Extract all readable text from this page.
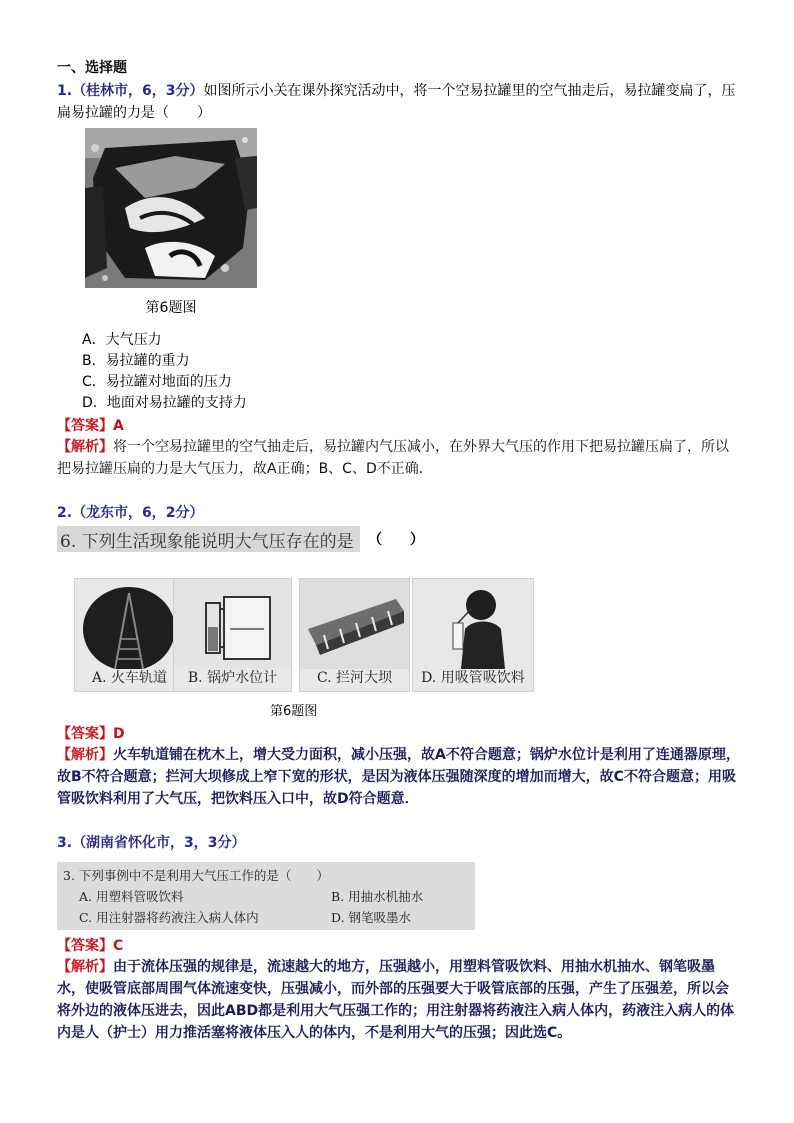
一、选择题
1.（桂林市，6，3分）如图所示小关在课外探究活动中，将一个空易拉罐里的空气抽走后，易拉罐变扁了，压扁易拉罐的力是（　　）
第6题图
A．大气压力
B．易拉罐的重力
C．易拉罐对地面的压力
D．地面对易拉罐的支持力
【答案】A
【解析】将一个空易拉罐里的空气抽走后，易拉罐内气压减小，在外界大气压的作用下把易拉罐压扁了，所以把易拉罐压扁的力是大气压力，故A正确；B、C、D不正确．
2.（龙东市，6，2分）
6. 下列生活现象能说明大气压存在的是	（　　）
A. 火车轨道	B. 锅炉水位计	C. 拦河大坝	D. 用吸管吸饮料
第6题图
【答案】D
【解析】火车轨道铺在枕木上，增大受力面积，减小压强，故A不符合题意；锅炉水位计是利用了连通器原理，故B不符合题意；拦河大坝修成上窄下宽的形状，是因为液体压强随深度的增加而增大，故C不符合题意；用吸管吸饮料利用了大气压，把饮料压入口中，故D符合题意．
3.（湖南省怀化市，3，3分）
3. 下列事例中不是利用大气压工作的是（　　）
A. 用塑料管吸饮料	B. 用抽水机抽水
C. 用注射器将药液注入病人体内	D. 钢笔吸墨水
【答案】C
【解析】由于流体压强的规律是，流速越大的地方，压强越小，用塑料管吸饮料、用抽水机抽水、钢笔吸墨水，使吸管底部周围气体流速变快，压强减小，而外部的压强要大于吸管底部的压强，产生了压强差，所以会将外边的液体压进去，因此ABD都是利用大气压强工作的；用注射器将药液注入病人体内，药液注入病人的体内是人（护士）用力推活塞将液体压入人的体内，不是利用大气的压强；因此选C。
